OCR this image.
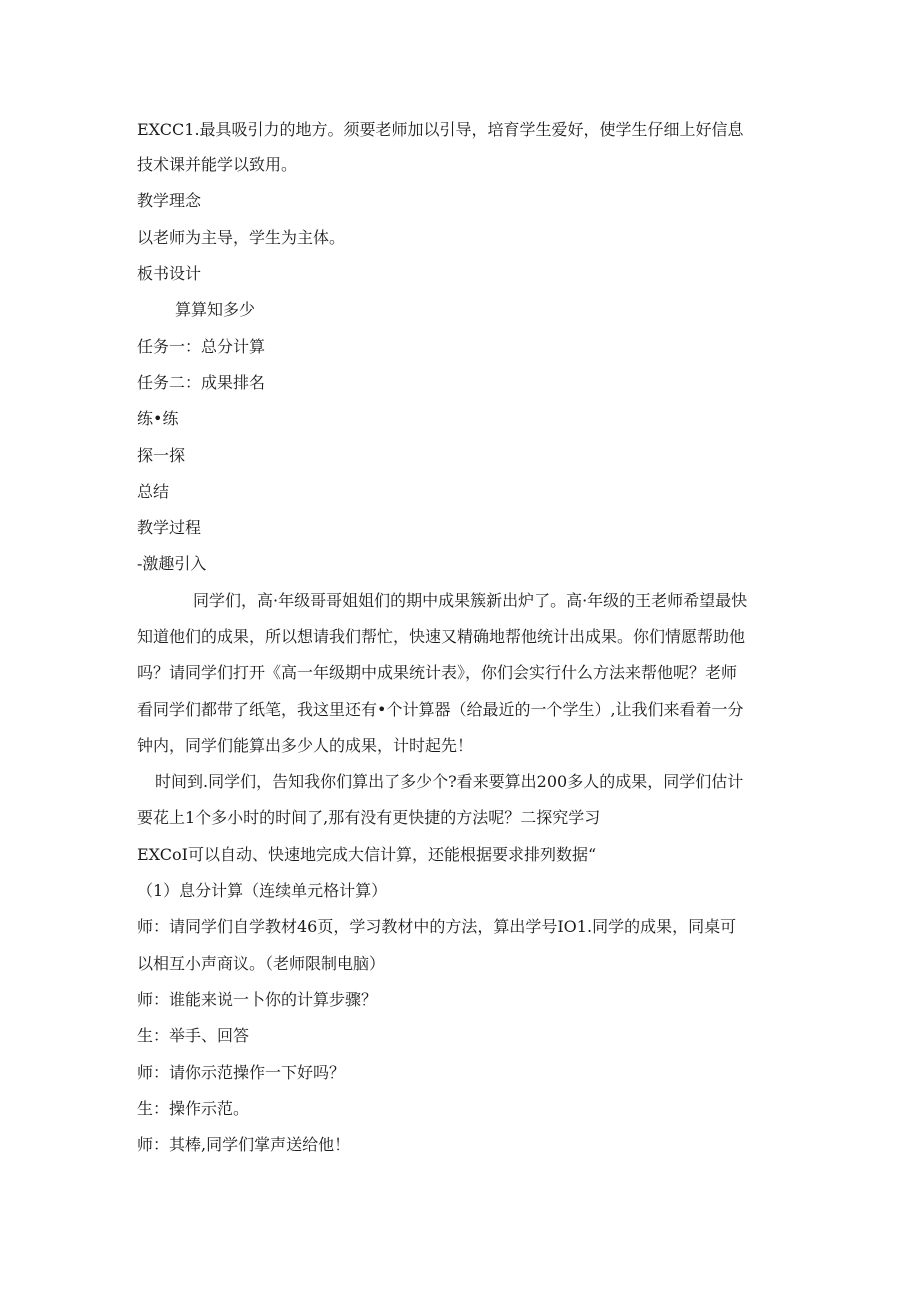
EXCC1.最具吸引力的地方。须要老师加以引导，培育学生爱好，使学生仔细上好信息

技术课并能学以致用。

教学理念

以老师为主导，学生为主体。

板书设计

算算知多少

任务一：总分计算

任务二：成果排名

练•练

探一探

总结

教学过程

-激趣引入

同学们，高·年级哥哥姐姐们的期中成果簇新出炉了。高·年级的王老师希望最快

知道他们的成果，所以想请我们帮忙，快速又精确地帮他统计出成果。你们情愿帮助他

吗？请同学们打开《高一年级期中成果统计表》，你们会实行什么方法来帮他呢？老师

看同学们都带了纸笔，我这里还有•个计算器（给最近的一个学生）,让我们来看着一分

钟内，同学们能算出多少人的成果，计时起先！

时间到.同学们，告知我你们算出了多少个?看来要算出200多人的成果，同学们估计

要花上1个多小时的时间了,那有没有更快捷的方法呢？二探究学习

EXCoI可以自动、快速地完成大信计算，还能根据要求排列数据“

（1）息分计算（连续单元格计算）

师：请同学们自学教材46页，学习教材中的方法，算出学号IO1.同学的成果，同桌可

以相互小声商议。（老师限制电脑）

师：谁能来说一卜你的计算步骤？

生：举手、回答

师：请你示范操作一下好吗？

生：操作示范。

师：其棒,同学们掌声送给他！
